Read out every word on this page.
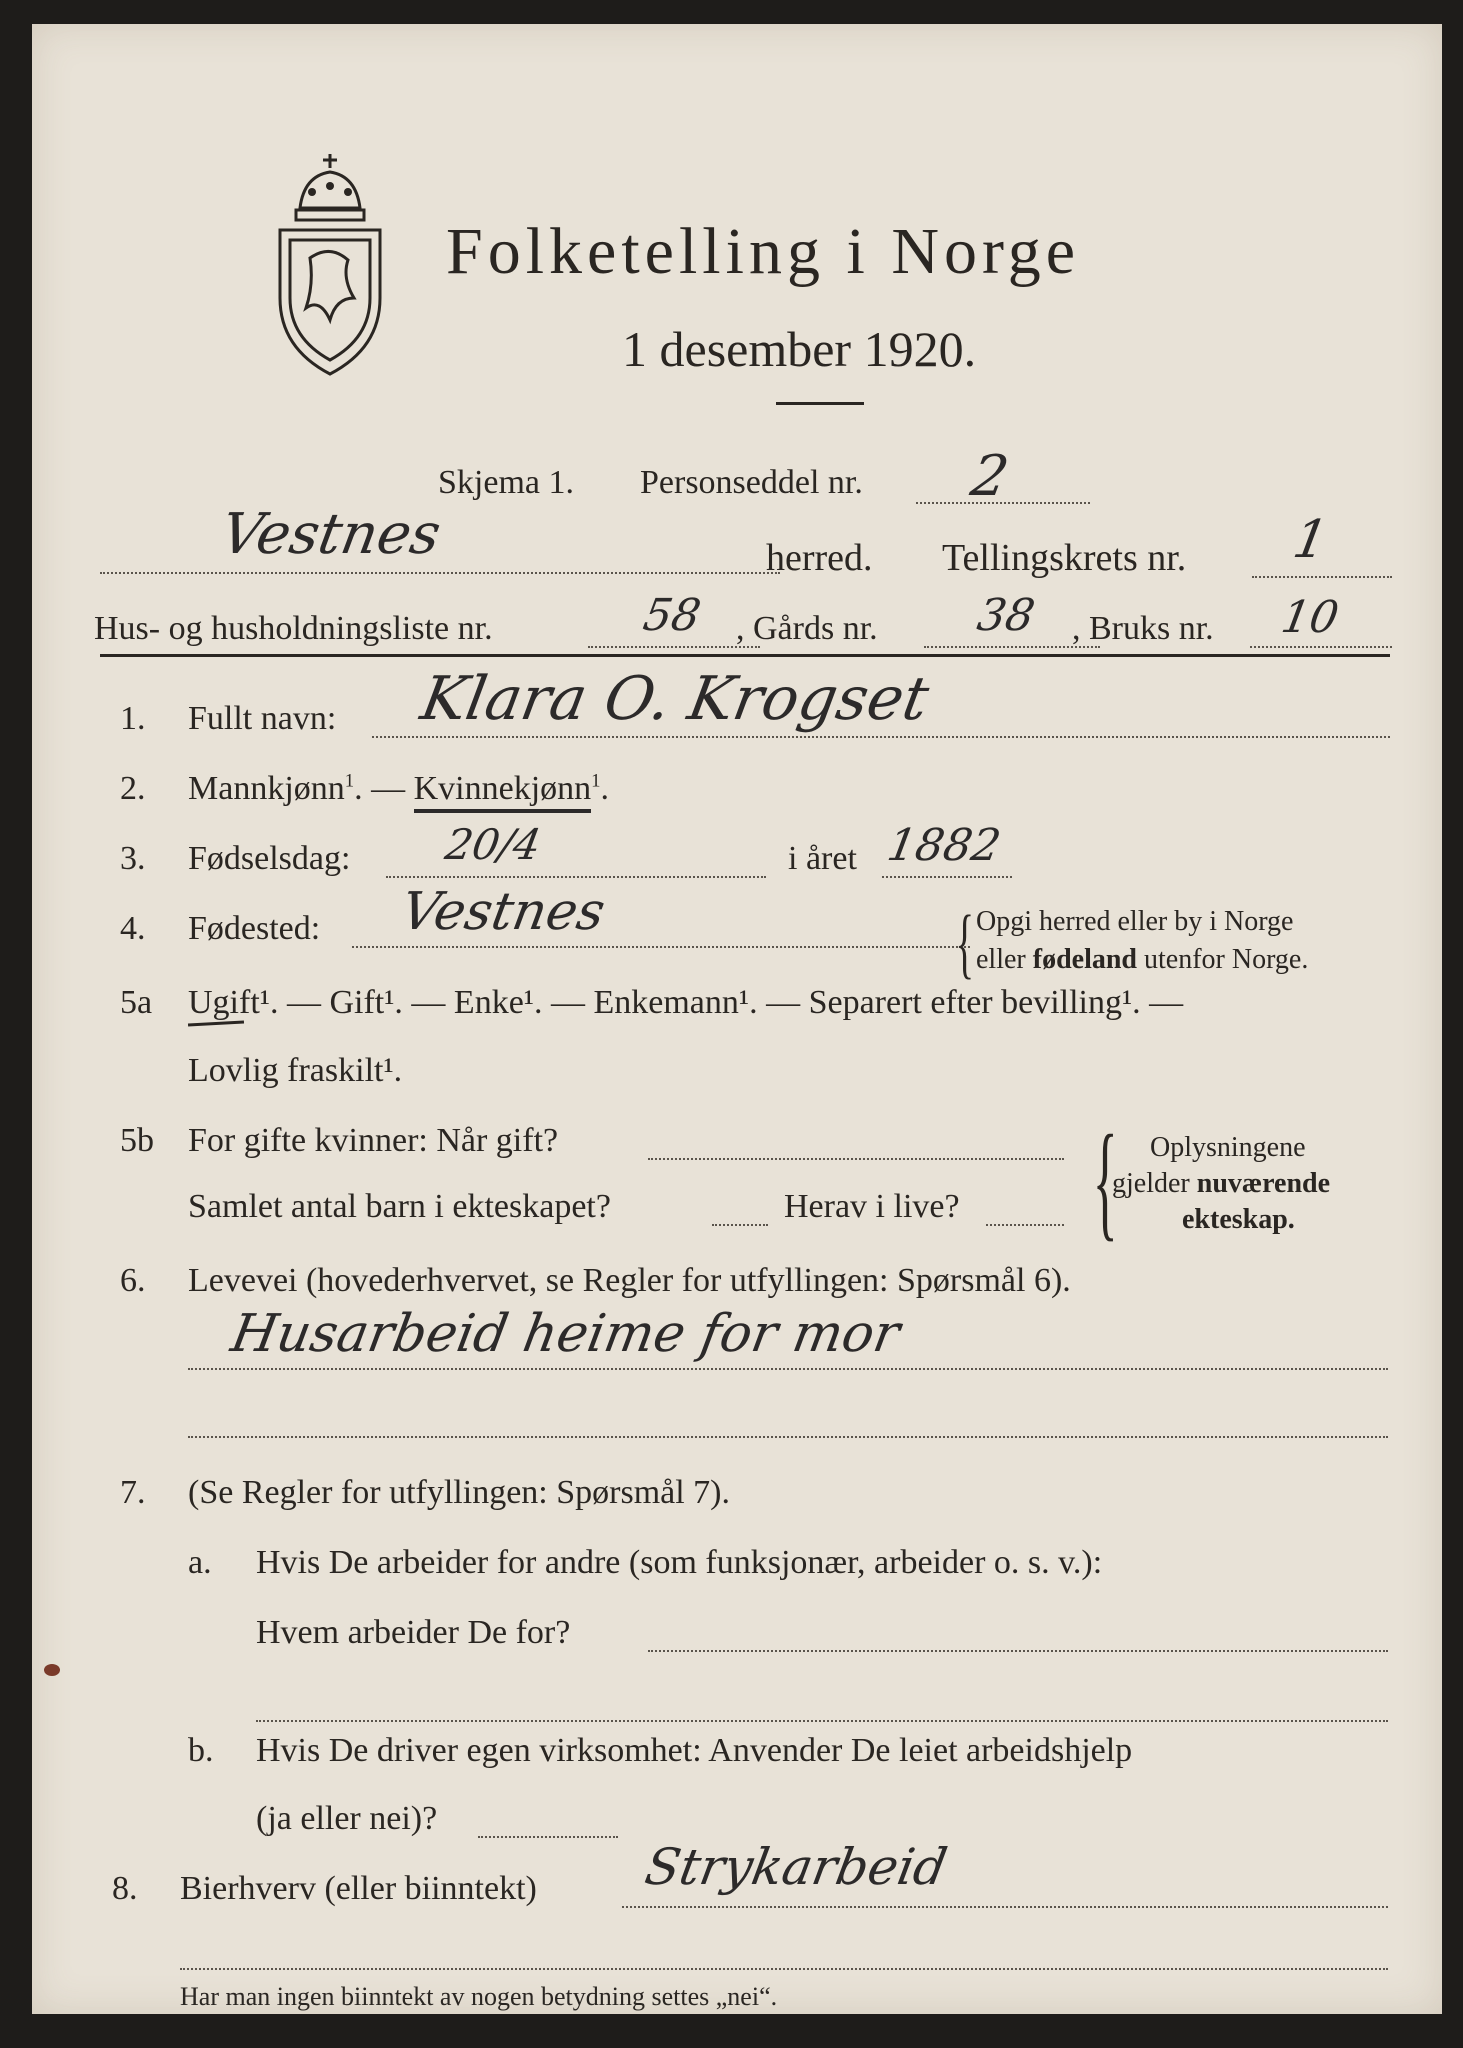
Folketelling i Norge
1 desember 1920.
Skjema 1. Personseddel nr. 2
Vestnes	herred. Tellingskrets nr. 1
Hus- og husholdningsliste nr.	58 , Gårds nr. 38 , Bruks nr. 10
1. Fullt navn: Klara O. Krogset
2. Mannkjønn$^1$. — Kvinnekjønn$^1$.
3. Fødselsdag: 20/4	i året 1882
4. Fødested: Vestnes	{ Opgi herred eller by i Norge
eller fødeland utenfor Norge.
5a Ugift¹. — Gift¹. — Enke¹. — Enkemann¹. — Separert efter bevilling¹. —
Lovlig fraskilt¹.
5b For gifte kvinner: Når gift?
Samlet antal barn i ekteskapet?	Herav i live? { Oplysningene
gjelder nuværende
ekteskap.
6. Levevei (hovederhvervet, se Regler for utfyllingen: Spørsmål 6).
Husarbeid heime for mor
7. (Se Regler for utfyllingen: Spørsmål 7).
a. Hvis De arbeider for andre (som funksjonær, arbeider o. s. v.):
Hvem arbeider De for?
b. Hvis De driver egen virksomhet: Anvender De leiet arbeidshjelp
(ja eller nei)?
8. Bierhverv (eller biinntekt) Strykarbeid
Har man ingen biinntekt av nogen betydning settes „nei“.
